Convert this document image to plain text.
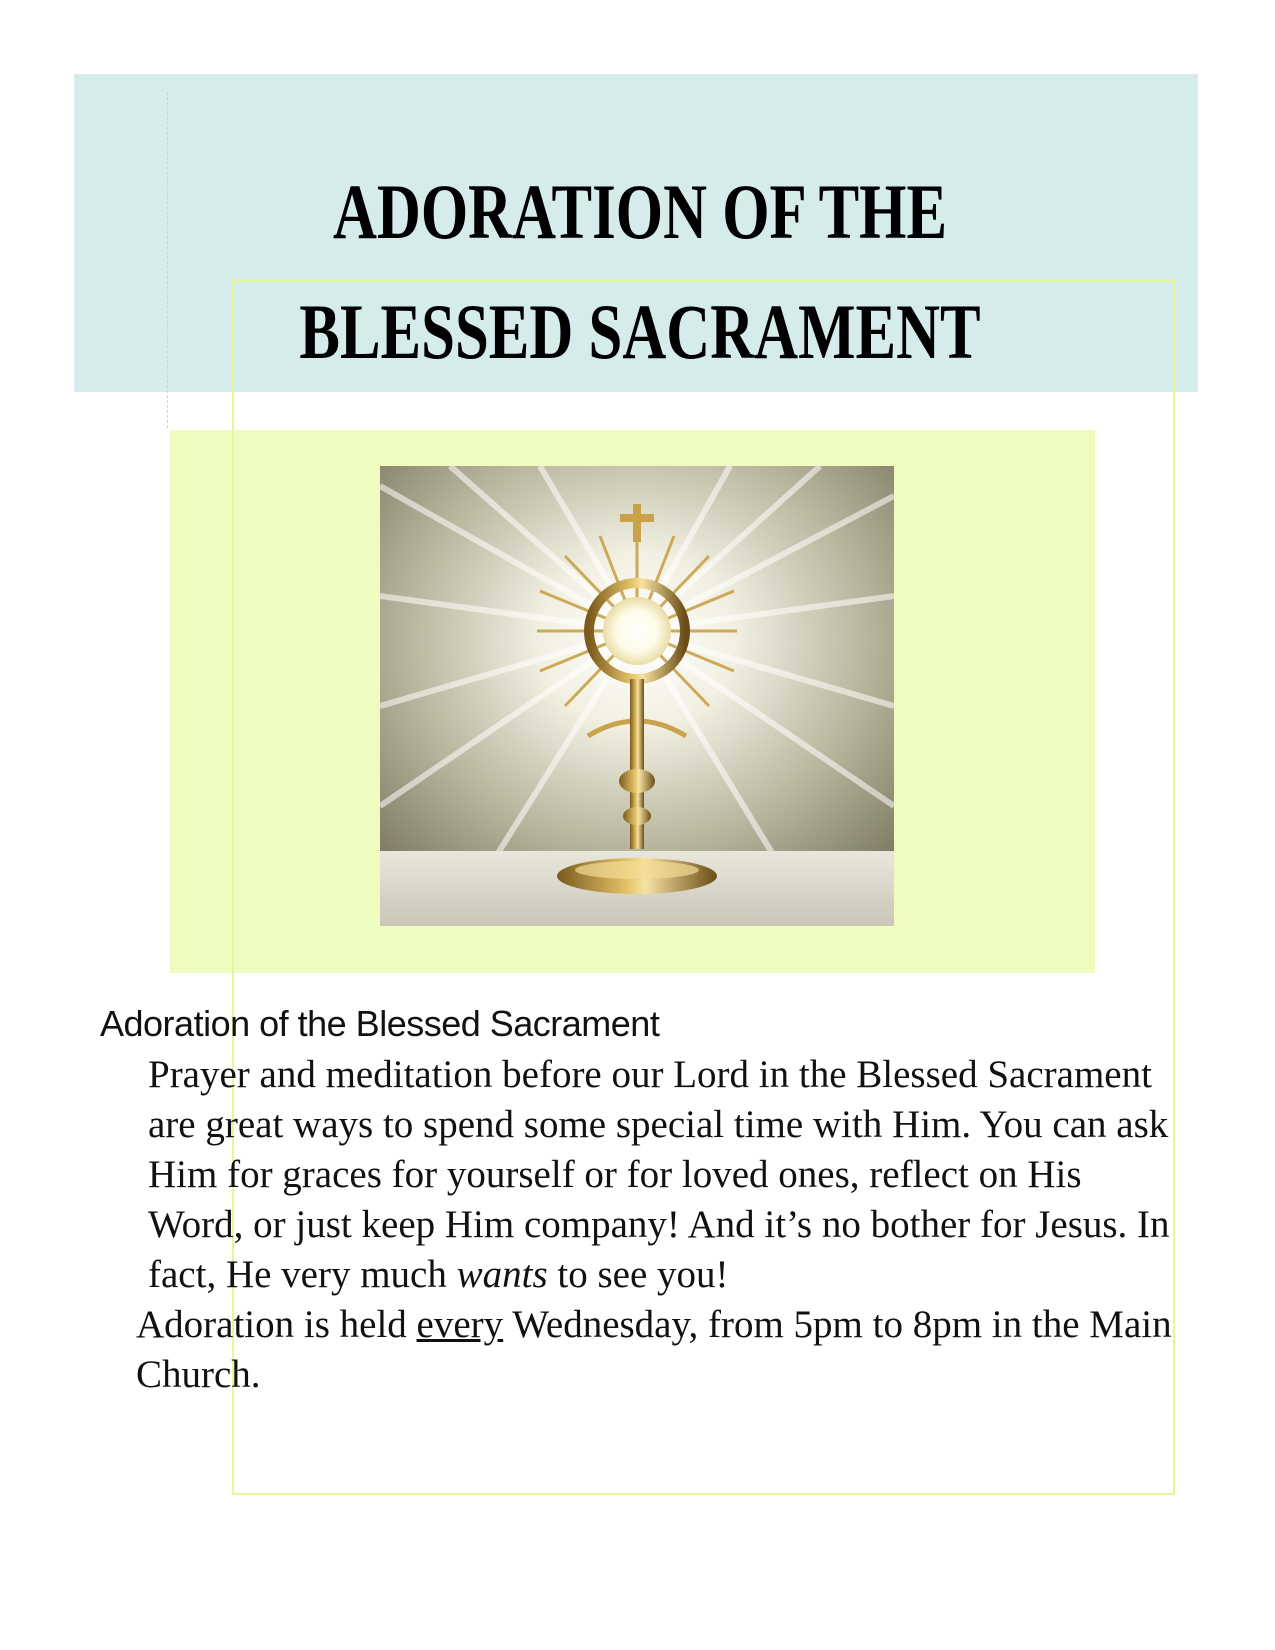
ADORATION OF THE
BLESSED SACRAMENT

Adoration of the Blessed Sacrament

Prayer and meditation before our Lord in the Blessed Sacrament are great ways to spend some special time with Him. You can ask Him for graces for yourself or for loved ones, reflect on His Word, or just keep Him company! And it’s no bother for Jesus. In fact, He very much wants to see you!

Adoration is held every Wednesday, from 5pm to 8pm in the Main Church.
